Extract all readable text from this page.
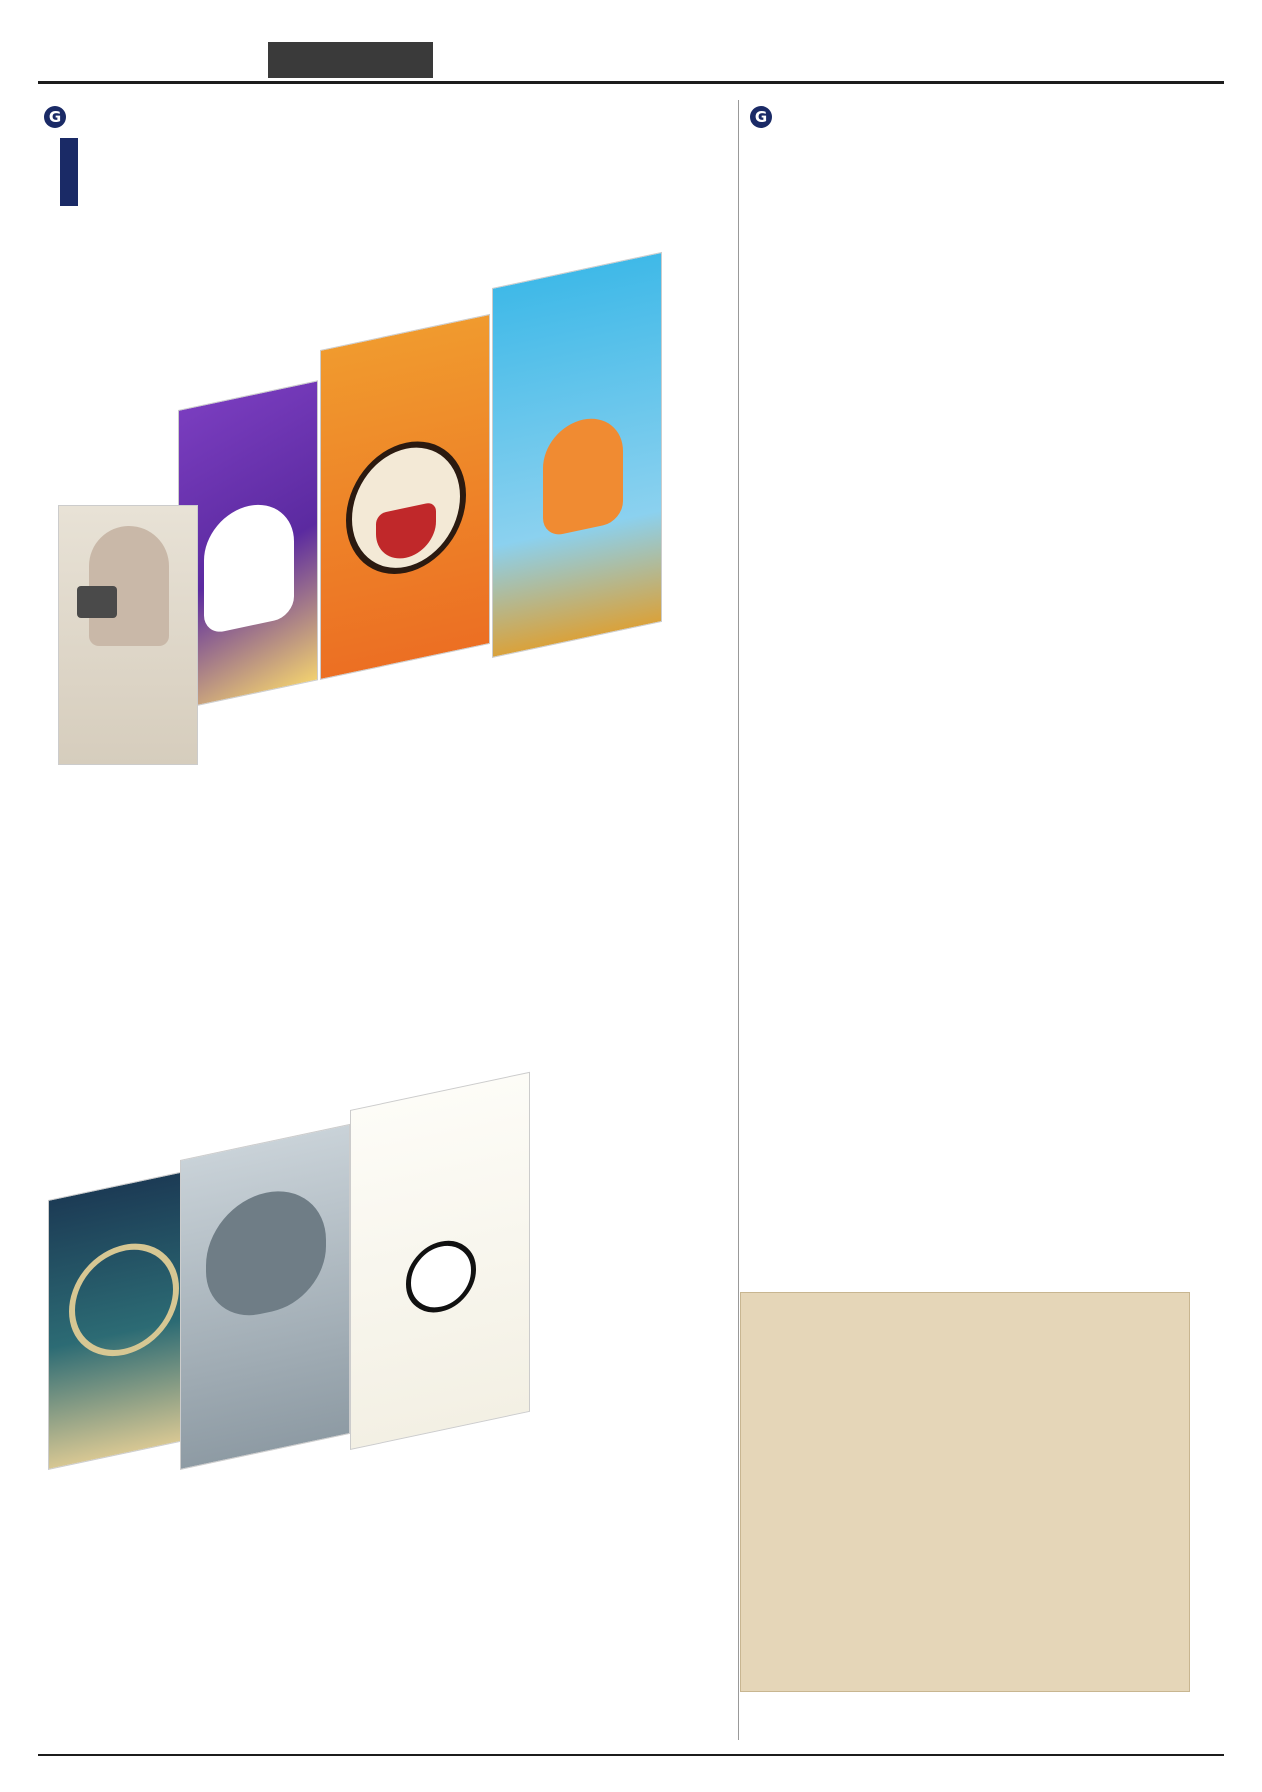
G	G
